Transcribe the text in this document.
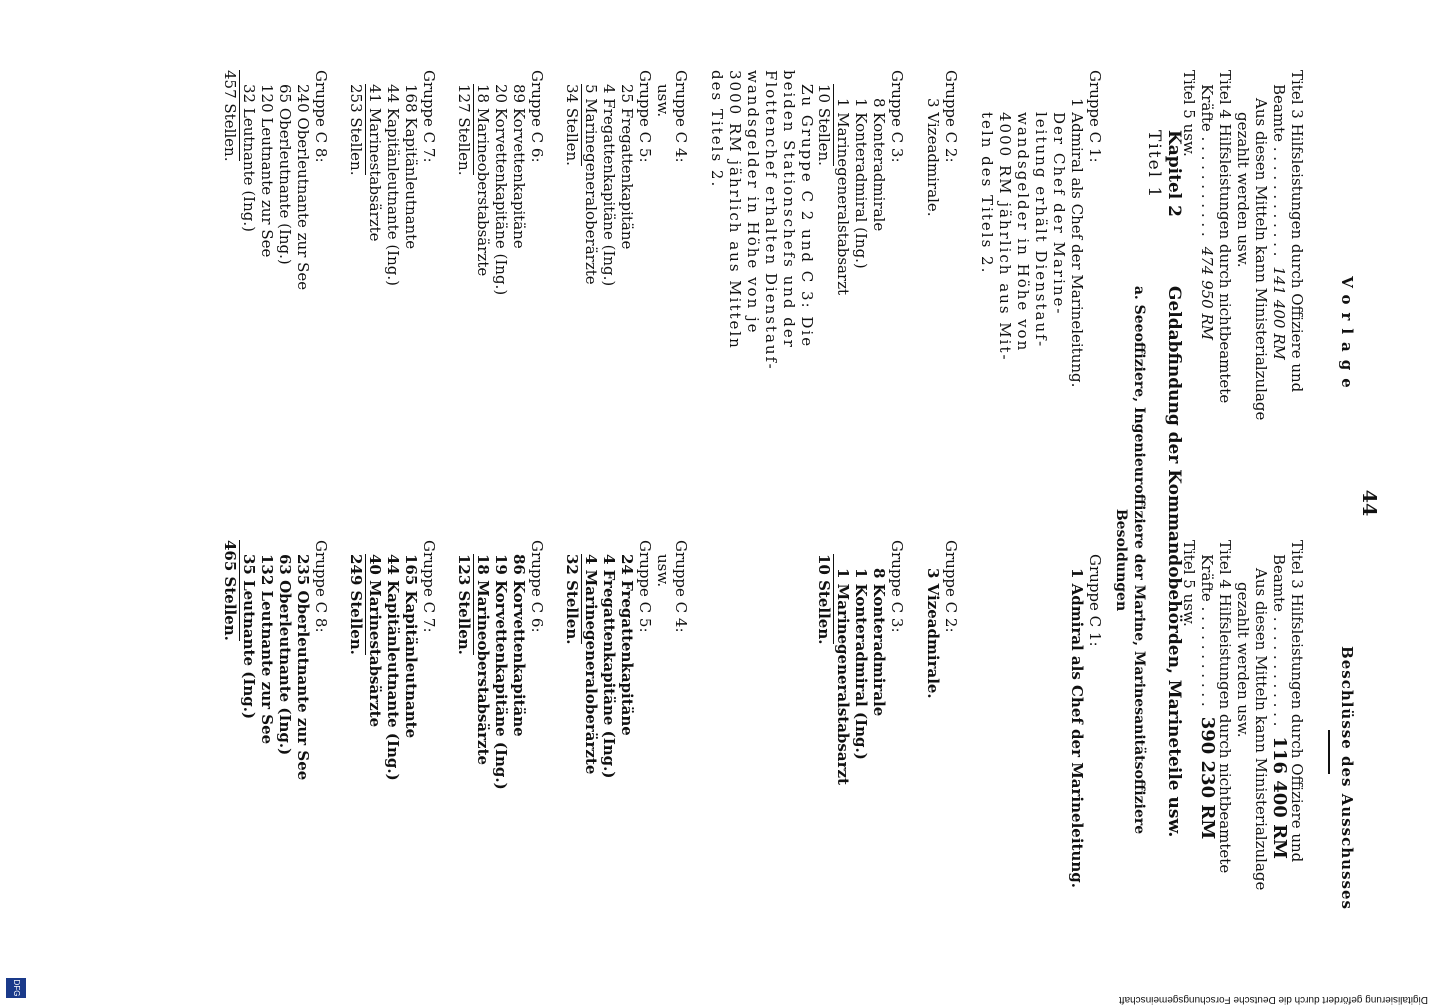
44
Vorlage
Beschlüsse des Ausschusses
Titel 3 Hilfsleistungen durch Offiziere und
Beamte . . . . . . . . . . . .141 400 RM
Aus diesen Mitteln kann Ministerialzulage
gezahlt werden usw.
Titel 4 Hilfsleistungen durch nichtbeamtete
Kräfte . . . . . . . . . . .474 950 RM
Titel 5 usw.
Titel 3 Hilfsleistungen durch Offiziere und
Beamte . . . . . . . . . . . .116 400 RM
Aus diesen Mitteln kann Ministerialzulage
gezahlt werden usw.
Titel 4 Hilfsleistungen durch nichtbeamtete
Kräfte . . . . . . . . . . .390 230 RM
Titel 5 usw.
Kapitel 2 Geldabfindung der Kommandobehörden, Marineteile usw.
Titel 1
a. Seeoffiziere, Ingenieuroffiziere der Marine, Marinesanitätsoffiziere
Besoldungen
Gruppe C 1:
1 Admiral als Chef der Marineleitung.
Der Chef der Marine-
leitung erhält Dienstauf-
wandsgelder in Höhe von
4000 RM jährlich aus Mit-
teln des Titels 2.
Gruppe C 2:
3 Vizeadmirale.
Gruppe C 3:
8 Konteradmirale
1 Konteradmiral (Ing.)
1 Marinegeneralstabsarzt
10 Stellen.
Zu Gruppe C 2 und C 3: Die
beiden Stationschefs und der
Flottenchef erhalten Dienstauf-
wandsgelder in Höhe von je
3000 RM jährlich aus Mitteln
des Titels 2.
Gruppe C 4:
usw.
Gruppe C 5:
25 Fregattenkapitäne
4 Fregattenkapitäne (Ing.)
5 Marinegeneraloberärzte
34 Stellen.
Gruppe C 6:
89 Korvettenkapitäne
20 Korvettenkapitäne (Ing.)
18 Marineoberstabsärzte
127 Stellen.
Gruppe C 7:
168 Kapitänleutnante
44 Kapitänleutnante (Ing.)
41 Marinestabsärzte
253 Stellen.
Gruppe C 8:
240 Oberleutnante zur See
65 Oberleutnante (Ing.)
120 Leutnante zur See
32 Leutnante (Ing.)
457 Stellen.
Gruppe C 1:
1 Admiral als Chef der Marineleitung.
Gruppe C 2:
3 Vizeadmirale.
Gruppe C 3:
8 Konteradmirale
1 Konteradmiral (Ing.)
1 Marinegeneralstabsarzt
10 Stellen.
Gruppe C 4:
usw.
Gruppe C 5:
24 Fregattenkapitäne
4 Fregattenkapitäne (Ing.)
4 Marinegeneraloberärzte
32 Stellen.
Gruppe C 6:
86 Korvettenkapitäne
19 Korvettenkapitäne (Ing.)
18 Marineoberstabsärzte
123 Stellen.
Gruppe C 7:
165 Kapitänleutnante
44 Kapitänleutnante (Ing.)
40 Marinestabsärzte
249 Stellen.
Gruppe C 8:
235 Oberleutnante zur See
63 Oberleutnante (Ing.)
132 Leutnante zur See
35 Leutnante (Ing.)
465 Stellen.
Digitalisierung gefördert durch die Deutsche Forschungsgemeinschaft
DFG
